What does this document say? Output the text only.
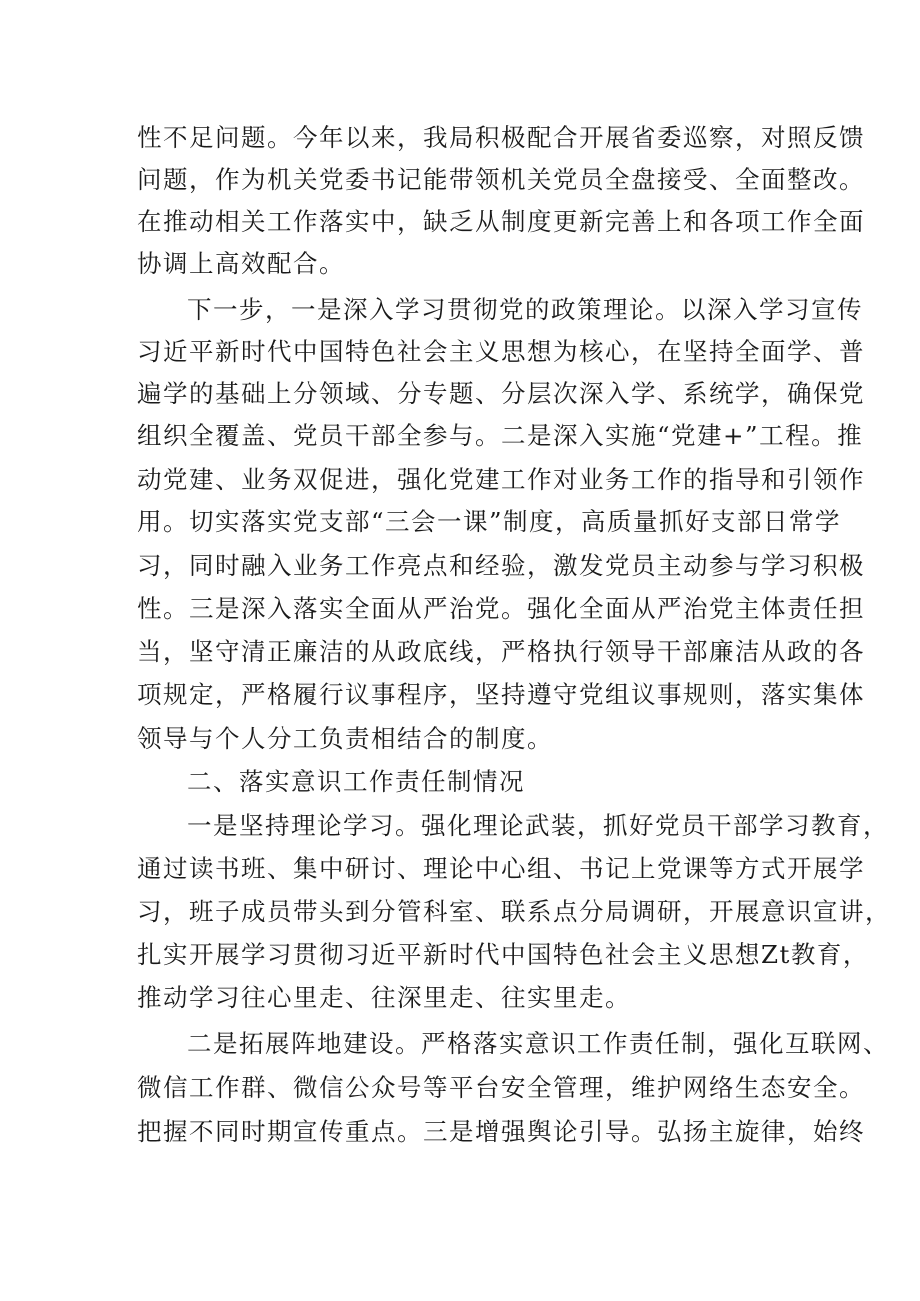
性不足问题。今年以来，我局积极配合开展省委巡察，对照反馈
问题，作为机关党委书记能带领机关党员全盘接受、全面整改。
在推动相关工作落实中，缺乏从制度更新完善上和各项工作全面
协调上高效配合。
下一步，一是深入学习贯彻党的政策理论。以深入学习宣传
习近平新时代中国特色社会主义思想为核心，在坚持全面学、普
遍学的基础上分领域、分专题、分层次深入学、系统学，确保党
组织全覆盖、党员干部全参与。二是深入实施“党建+”工程。推
动党建、业务双促进，强化党建工作对业务工作的指导和引领作
用。切实落实党支部“三会一课”制度，高质量抓好支部日常学
习，同时融入业务工作亮点和经验，激发党员主动参与学习积极
性。三是深入落实全面从严治党。强化全面从严治党主体责任担
当，坚守清正廉洁的从政底线，严格执行领导干部廉洁从政的各
项规定，严格履行议事程序，坚持遵守党组议事规则，落实集体
领导与个人分工负责相结合的制度。
二、落实意识工作责任制情况
一是坚持理论学习。强化理论武装，抓好党员干部学习教育，
通过读书班、集中研讨、理论中心组、书记上党课等方式开展学
习，班子成员带头到分管科室、联系点分局调研，开展意识宣讲，
扎实开展学习贯彻习近平新时代中国特色社会主义思想Zt教育，
推动学习往心里走、往深里走、往实里走。
二是拓展阵地建设。严格落实意识工作责任制，强化互联网、
微信工作群、微信公众号等平台安全管理，维护网络生态安全。
把握不同时期宣传重点。三是增强舆论引导。弘扬主旋律，始终
